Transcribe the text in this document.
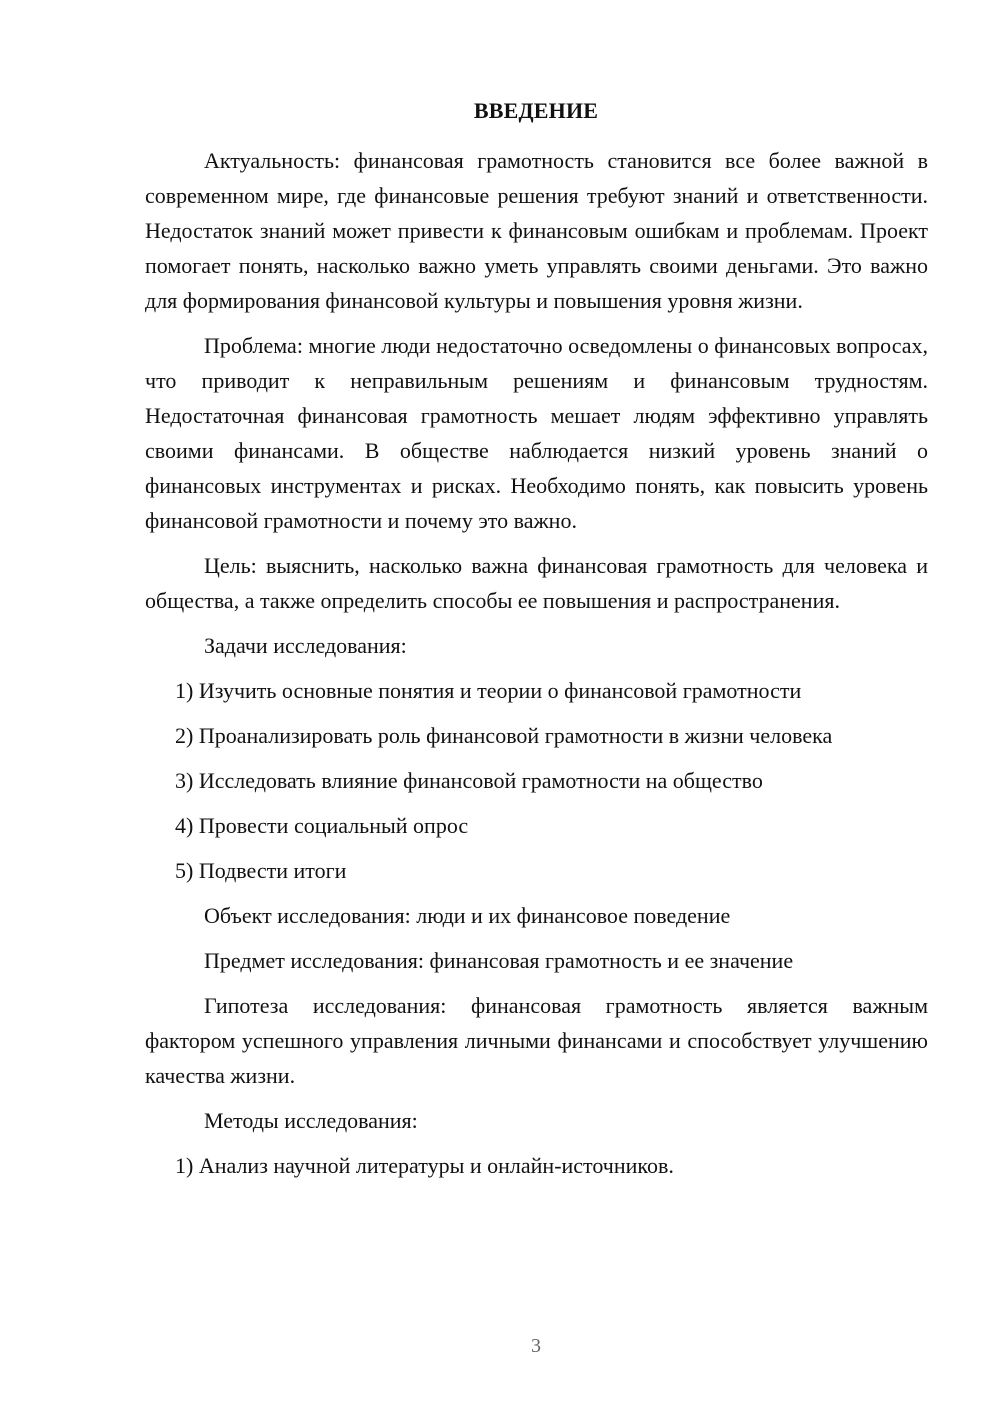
ВВЕДЕНИЕ

Актуальность: финансовая грамотность становится все более важной в современном мире, где финансовые решения требуют знаний и ответственности. Недостаток знаний может привести к финансовым ошибкам и проблемам. Проект помогает понять, насколько важно уметь управлять своими деньгами. Это важно для формирования финансовой культуры и повышения уровня жизни.

Проблема: многие люди недостаточно осведомлены о финансовых вопросах, что приводит к неправильным решениям и финансовым трудностям. Недостаточная финансовая грамотность мешает людям эффективно управлять своими финансами. В обществе наблюдается низкий уровень знаний о финансовых инструментах и рисках. Необходимо понять, как повысить уровень финансовой грамотности и почему это важно.

Цель: выяснить, насколько важна финансовая грамотность для человека и общества, а также определить способы ее повышения и распространения.

Задачи исследования:

1) Изучить основные понятия и теории о финансовой грамотности

2) Проанализировать роль финансовой грамотности в жизни человека

3) Исследовать влияние финансовой грамотности на общество

4) Провести социальный опрос

5) Подвести итоги

Объект исследования: люди и их финансовое поведение

Предмет исследования: финансовая грамотность и ее значение

Гипотеза исследования: финансовая грамотность является важным фактором успешного управления личными финансами и способствует улучшению качества жизни.

Методы исследования:

1) Анализ научной литературы и онлайн-источников.

3
